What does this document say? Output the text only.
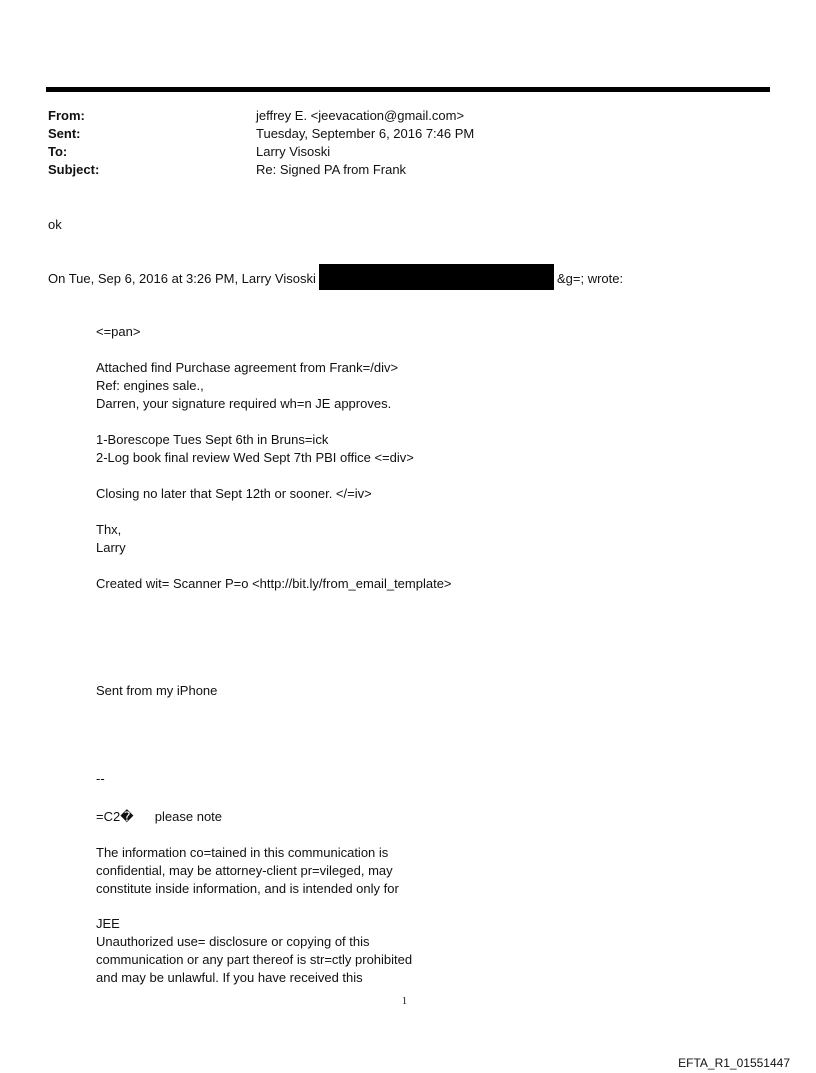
From:	jeffrey E. <jeevacation@gmail.com>
Sent:	Tuesday, September 6, 2016 7:46 PM
To:	Larry Visoski
Subject:	Re: Signed PA from Frank
ok
On Tue, Sep 6, 2016 at 3:26 PM, Larry Visoski	&g=; wrote:
<=pan>
Attached find Purchase agreement from Frank=/div>
Ref: engines sale.,
Darren, your signature required wh=n JE approves.
1-Borescope Tues Sept 6th in Bruns=ick
2-Log book final review Wed Sept 7th PBI office <=div>
Closing no later that Sept 12th or sooner. </=iv>
Thx,
Larry
Created wit= Scanner P=o <http://bit.ly/from_email_template>
Sent from my iPhone
--
=C2� please note
The information co=tained in this communication is
confidential, may be attorney-client pr=vileged, may
constitute inside information, and is intended only for
JEE
Unauthorized use= disclosure or copying of this
communication or any part thereof is str=ctly prohibited
and may be unlawful. If you have received this
1
EFTA_R1_01551447
